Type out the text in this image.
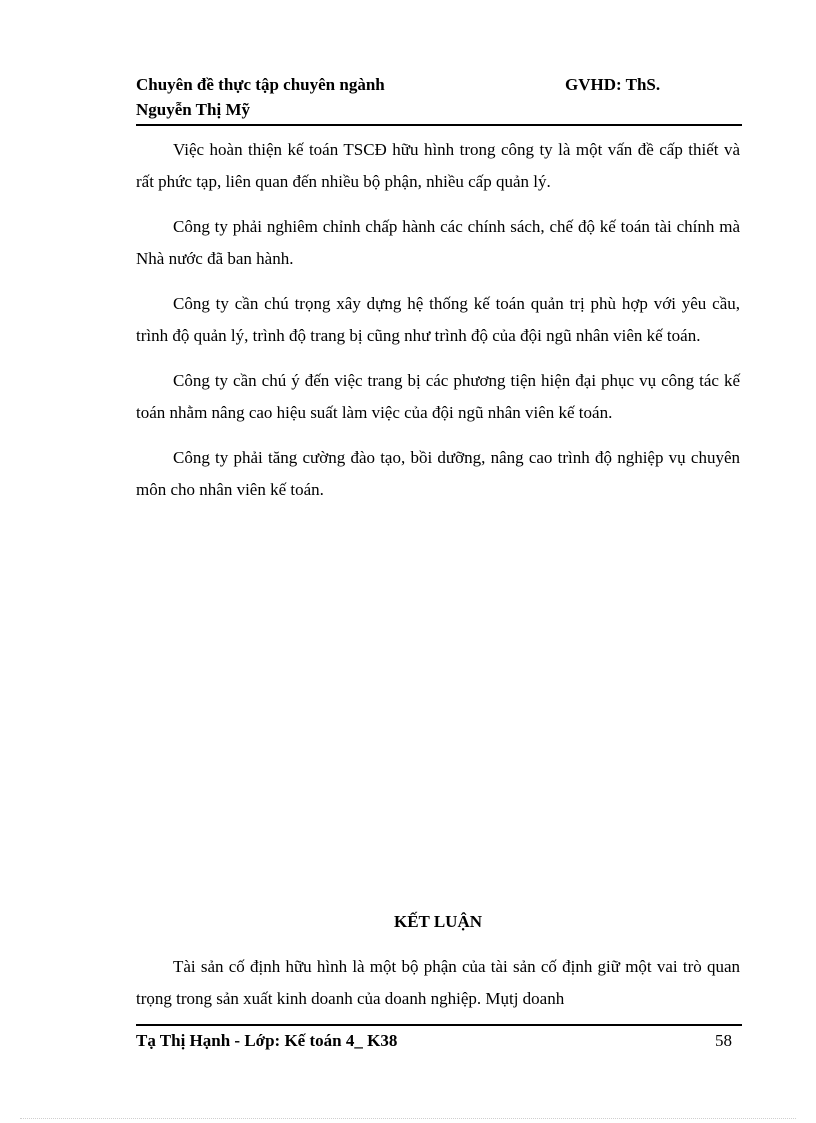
Chuyên đề thực tập chuyên ngành	GVHD: ThS.
Nguyễn Thị Mỹ

Việc hoàn thiện kế toán TSCĐ hữu hình trong công ty là một vấn đề cấp thiết và rất phức tạp, liên quan đến nhiều bộ phận, nhiều cấp quản lý.

Công ty phải nghiêm chỉnh chấp hành các chính sách, chế độ kế toán tài chính mà Nhà nước đã ban hành.

Công ty cần chú trọng xây dựng hệ thống kế toán quản trị phù hợp với yêu cầu, trình độ quản lý, trình độ trang bị cũng như trình độ của đội ngũ nhân viên kế toán.

Công ty cần chú ý đến việc trang bị các phương tiện hiện đại phục vụ công tác kế toán nhằm nâng cao hiệu suất làm việc của đội ngũ nhân viên kế toán.

Công ty phải tăng cường đào tạo, bồi dưỡng, nâng cao trình độ nghiệp vụ chuyên môn cho nhân viên kế toán.

KẾT LUẬN

Tài sản cố định hữu hình là một bộ phận của tài sản cố định giữ một vai trò quan trọng trong sản xuất kinh doanh của doanh nghiệp. Mụtj doanh

Tạ Thị Hạnh - Lớp: Kế toán 4_ K38	58
